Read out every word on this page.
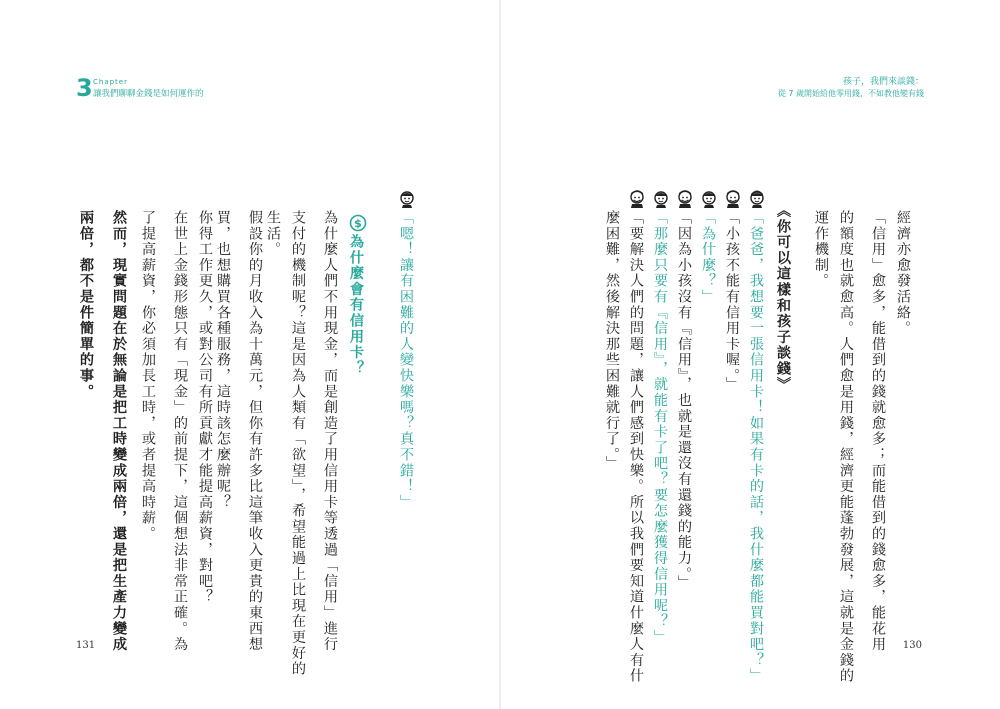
3 Chapter
讓我們聊聊金錢是如何運作的
孩子，我們來談錢：
從 7 歲開始給他零用錢，不如教他變有錢
經濟亦愈發活絡。
「信用」愈多，能借到的錢就愈多；而能借到的錢愈多，能花用
的額度也就愈高。人們愈是用錢，經濟更能蓬勃發展，這就是金錢的
運作機制。
《你可以這樣和孩子談錢》
「爸爸，我想要一張信用卡！如果有卡的話，我什麼都能買對吧？」
「小孩不能有信用卡喔。」
「為什麼？」
「因為小孩沒有『信用』，也就是還沒有還錢的能力。」
「那麼只要有『信用』，就能有卡了吧？要怎麼獲得信用呢？」
「要解決人們的問題，讓人們感到快樂。所以我們要知道什麼人有什
麼困難，然後解決那些困難就行了。」
「嗯！讓有困難的人變快樂嗎？真不錯！」
$
為什麼會有信用卡？
為什麼人們不用現金，而是創造了用信用卡等透過「信用」進行
支付的機制呢？這是因為人類有「欲望」，希望能過上比現在更好的
生活。
假設你的月收入為十萬元，但你有許多比這筆收入更貴的東西想
買，也想購買各種服務，這時該怎麼辦呢？
你得工作更久，或對公司有所貢獻才能提高薪資，對吧？
在世上金錢形態只有「現金」的前提下，這個想法非常正確。為
了提高薪資，你必須加長工時，或者提高時薪。
然而，現實問題在於無論是把工時變成兩倍，還是把生產力變成
兩倍，都不是件簡單的事。
131	130
